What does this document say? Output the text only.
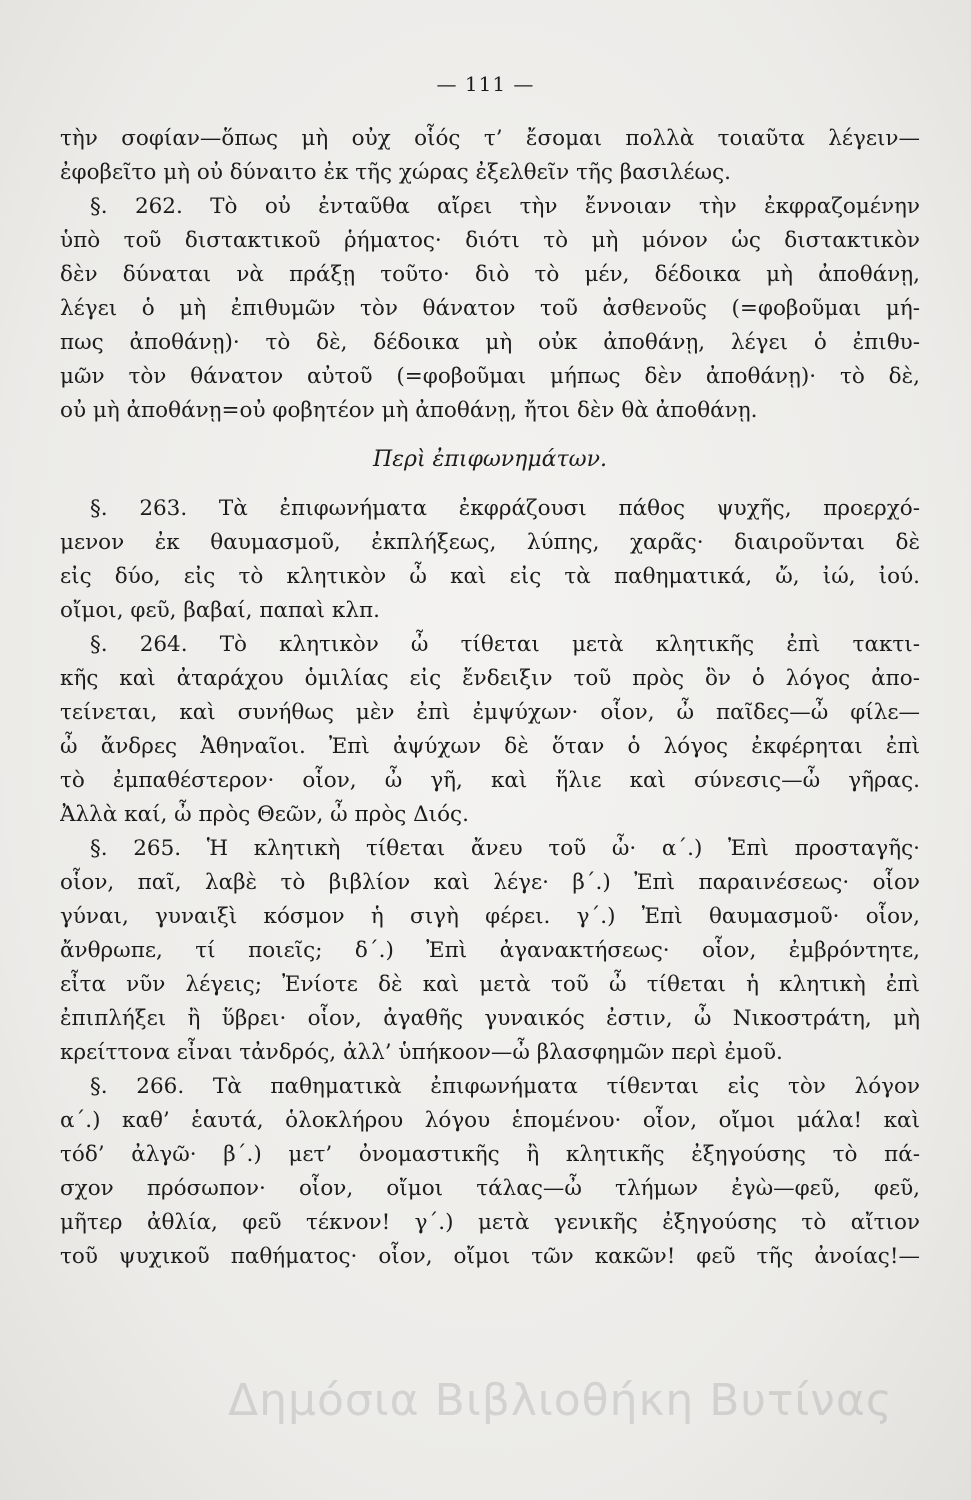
— 111 —
τὴν σοφίαν—ὅπως μὴ οὐχ οἷός τ’ ἔσομαι πολλὰ τοιαῦτα λέγειν—
ἐφοβεῖτο μὴ οὐ δύναιτο ἐκ τῆς χώρας ἐξελθεῖν τῆς βασιλέως.
§. 262. Τὸ οὐ ἐνταῦθα αἴρει τὴν ἔννοιαν τὴν ἐκφραζομένην
ὑπὸ τοῦ διστακτικοῦ ῥήματος· διότι τὸ μὴ μόνον ὡς διστακτικὸν
δὲν δύναται νὰ πράξῃ τοῦτο· διὸ τὸ μέν, δέδοικα μὴ ἀποθάνῃ,
λέγει ὁ μὴ ἐπιθυμῶν τὸν θάνατον τοῦ ἀσθενοῦς (=φοβοῦμαι μή-
πως ἀποθάνῃ)· τὸ δὲ, δέδοικα μὴ οὐκ ἀποθάνῃ, λέγει ὁ ἐπιθυ-
μῶν τὸν θάνατον αὐτοῦ (=φοβοῦμαι μήπως δὲν ἀποθάνῃ)· τὸ δὲ,
οὐ μὴ ἀποθάνῃ=οὐ φοβητέον μὴ ἀποθάνῃ, ἤτοι δὲν θὰ ἀποθάνῃ.
Περὶ ἐπιφωνημάτων.
§. 263. Τὰ ἐπιφωνήματα ἐκφράζουσι πάθος ψυχῆς, προερχό-
μενον ἐκ θαυμασμοῦ, ἐκπλήξεως, λύπης, χαρᾶς· διαιροῦνται δὲ
εἰς δύο, εἰς τὸ κλητικὸν ὦ καὶ εἰς τὰ παθηματικά, ὤ, ἰώ, ἰού.
οἴμοι, φεῦ, βαβαί, παπαὶ κλπ.
§. 264. Τὸ κλητικὸν ὦ τίθεται μετὰ κλητικῆς ἐπὶ τακτι-
κῆς καὶ ἀταράχου ὁμιλίας εἰς ἔνδειξιν τοῦ πρὸς ὃν ὁ λόγος ἀπο-
τείνεται, καὶ συνήθως μὲν ἐπὶ ἐμψύχων· οἷον, ὦ παῖδες—ὦ φίλε—
ὦ ἄνδρες Ἀθηναῖοι. Ἐπὶ ἀψύχων δὲ ὅταν ὁ λόγος ἐκφέρηται ἐπὶ
τὸ ἐμπαθέστερον· οἷον, ὦ γῆ, καὶ ἥλιε καὶ σύνεσις—ὦ γῆρας.
Ἀλλὰ καί, ὦ πρὸς Θεῶν, ὦ πρὸς Διός.
§. 265. Ἡ κλητικὴ τίθεται ἄνευ τοῦ ὦ· α΄.) Ἐπὶ προσταγῆς·
οἷον, παῖ, λαβὲ τὸ βιβλίον καὶ λέγε· β΄.) Ἐπὶ παραινέσεως· οἷον
γύναι, γυναιξὶ κόσμον ἡ σιγὴ φέρει. γ΄.) Ἐπὶ θαυμασμοῦ· οἷον,
ἄνθρωπε, τί ποιεῖς; δ΄.) Ἐπὶ ἀγανακτήσεως· οἷον, ἐμβρόντητε,
εἶτα νῦν λέγεις; Ἐνίοτε δὲ καὶ μετὰ τοῦ ὦ τίθεται ἡ κλητικὴ ἐπὶ
ἐπιπλήξει ἢ ὕβρει· οἷον, ἀγαθῆς γυναικός ἐστιν, ὦ Νικοστράτη, μὴ
κρείττονα εἶναι τἀνδρός, ἀλλ’ ὑπήκοον—ὦ βλασφημῶν περὶ ἐμοῦ.
§. 266. Τὰ παθηματικὰ ἐπιφωνήματα τίθενται εἰς τὸν λόγον
α΄.) καθ’ ἑαυτά, ὁλοκλήρου λόγου ἑπομένου· οἷον, οἴμοι μάλα! καὶ
τόδ’ ἀλγῶ· β΄.) μετ’ ὀνομαστικῆς ἢ κλητικῆς ἐξηγούσης τὸ πά-
σχον πρόσωπον· οἷον, οἴμοι τάλας—ὦ τλήμων ἐγὼ—φεῦ, φεῦ,
μῆτερ ἀθλία, φεῦ τέκνον! γ΄.) μετὰ γενικῆς ἐξηγούσης τὸ αἴτιον
τοῦ ψυχικοῦ παθήματος· οἷον, οἴμοι τῶν κακῶν! φεῦ τῆς ἀνοίας!—
Δημόσια Βιβλιοθήκη Βυτίνας
